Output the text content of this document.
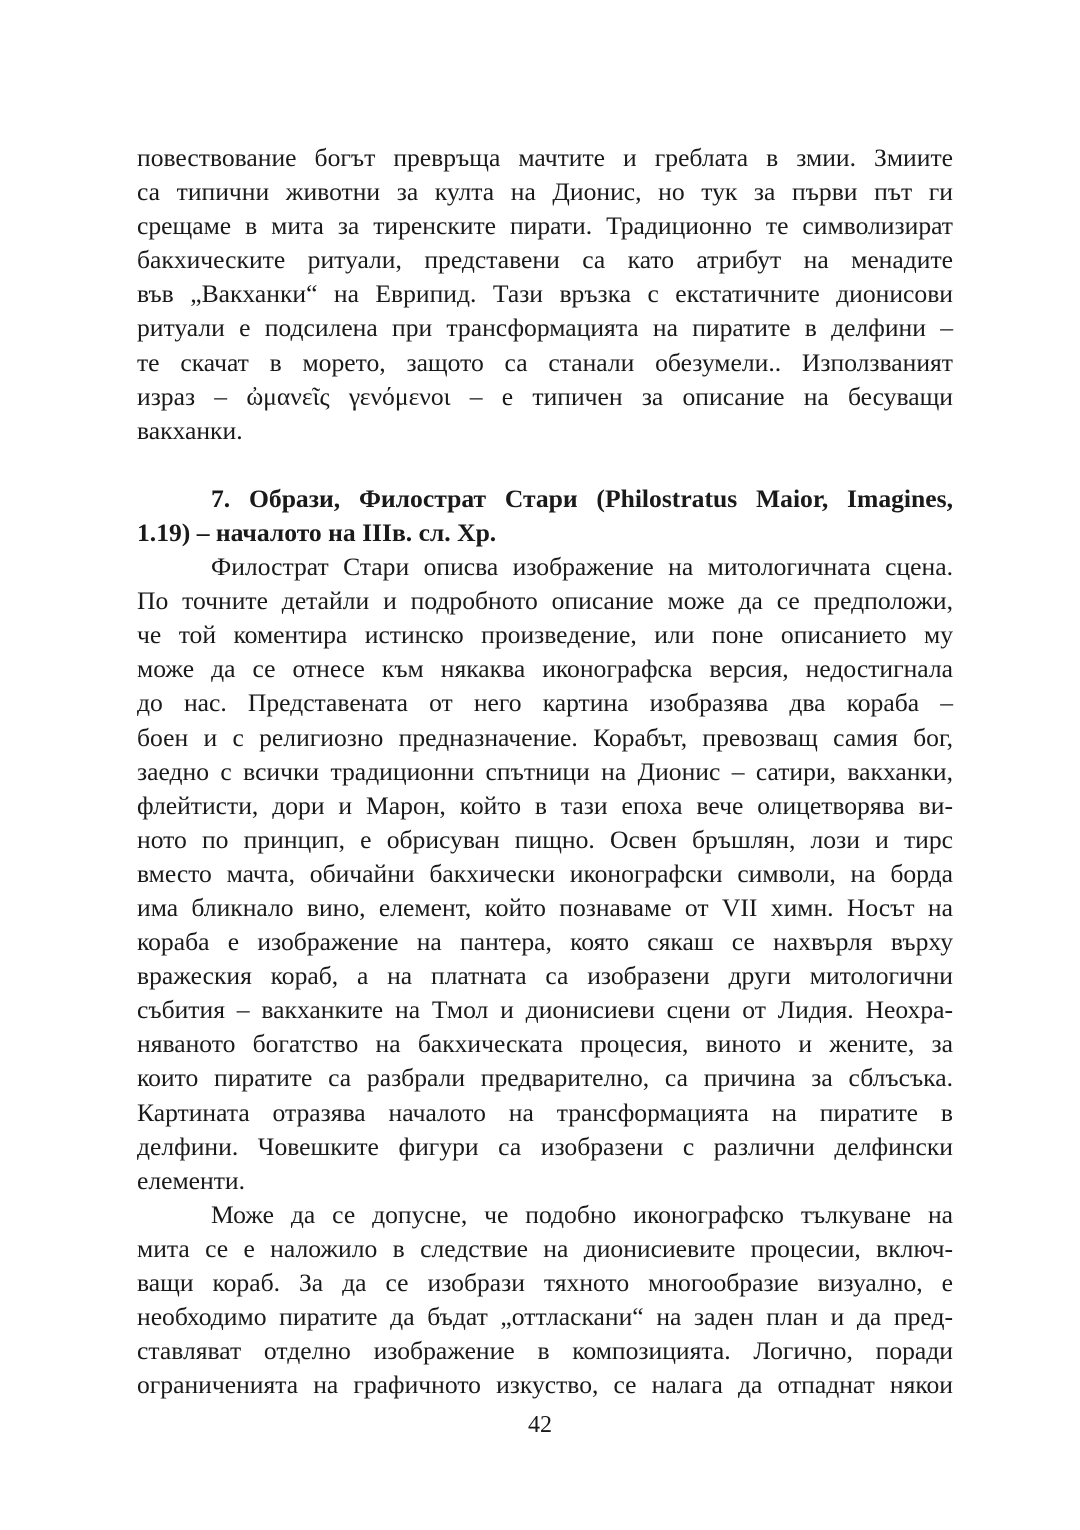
повествование богът превръща мачтите и греблата в змии. Змиите
са типични животни за култа на Дионис, но тук за първи път ги
срещаме в мита за тиренските пирати. Традиционно те символизират
бакхическите ритуали, представени са като атрибут на менадите
във „Вакханки“ на Еврипид. Тази връзка с екстатичните дионисови
ритуали е подсилена при трансформацията на пиратите в делфини –
те скачат в морето, защото са станали обезумели.. Използваният
израз – ὠμανεῖς γενόμενοι – е типичен за описание на бесуващи
вакханки.
7. Образи, Филострат Стари (Philostratus Maior, Imagines,
1.19) – началото на IIIв. сл. Хр.
Филострат Стари описва изображение на митологичната сцена.
По точните детайли и подробното описание може да се предположи,
че той коментира истинско произведение, или поне описанието му
може да се отнесе към някаква иконографска версия, недостигнала
до нас. Представената от него картина изобразява два кораба –
боен и с религиозно предназначение. Корабът, превозващ самия бог,
заедно с всички традиционни спътници на Дионис – сатири, вакханки,
флейтисти, дори и Марон, който в тази епоха вече олицетворява ви-
ното по принцип, е обрисуван пищно. Освен бръшлян, лози и тирс
вместо мачта, обичайни бакхически иконографски символи, на борда
има бликнало вино, елемент, който познаваме от VII химн. Носът на
кораба е изображение на пантера, която сякаш се нахвърля върху
вражеския кораб, а на платната са изобразени други митологични
събития – вакханките на Тмол и дионисиеви сцени от Лидия. Неохра-
няваното богатство на бакхическата процесия, виното и жените, за
които пиратите са разбрали предварително, са причина за сблъсъка.
Картината отразява началото на трансформацията на пиратите в
делфини. Човешките фигури са изобразени с различни делфински
елементи.
Може да се допусне, че подобно иконографско тълкуване на
мита се е наложило в следствие на дионисиевите процесии, включ-
ващи кораб. За да се изобрази тяхното многообразие визуално, е
необходимо пиратите да бъдат „оттласкани“ на заден план и да пред-
ставляват отделно изображение в композицията. Логично, поради
ограниченията на графичното изкуство, се налага да отпаднат някои
42
